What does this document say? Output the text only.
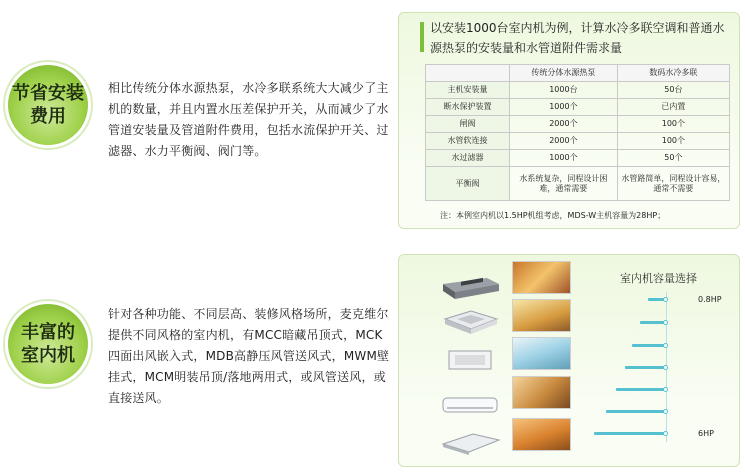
节省安装
费用
相比传统分体水源热泵，水冷多联系统大大减少了主机的数量，并且内置水压差保护开关，从而减少了水管道安装量及管道附件费用，包括水流保护开关、过滤器、水力平衡阀、阀门等。
以安装1000台室内机为例，计算水冷多联空调和普通水源热泵的安装量和水管道附件需求量
	传统分体水源热泵	数码水冷多联
主机安装量	1000台	50台
断水保护装置	1000个	已内置
闸阀	2000个	100个
水管软连接	2000个	100个
水过滤器	1000个	50个
平衡阀	水系统复杂，同程设计困难，通常需要	水管路简单，同程设计容易，通常不需要
注：本例室内机以1.5HP机组考虑，MDS-W主机容量为28HP；
丰富的
室内机
针对各种功能、不同层高、装修风格场所，麦克维尔提供不同风格的室内机，有MCC暗藏吊顶式，MCK四面出风嵌入式，MDB高静压风管送风式，MWM壁挂式，MCM明装吊顶/落地两用式，或风管送风，或直接送风。
室内机容量选择
0.8HP
6HP
